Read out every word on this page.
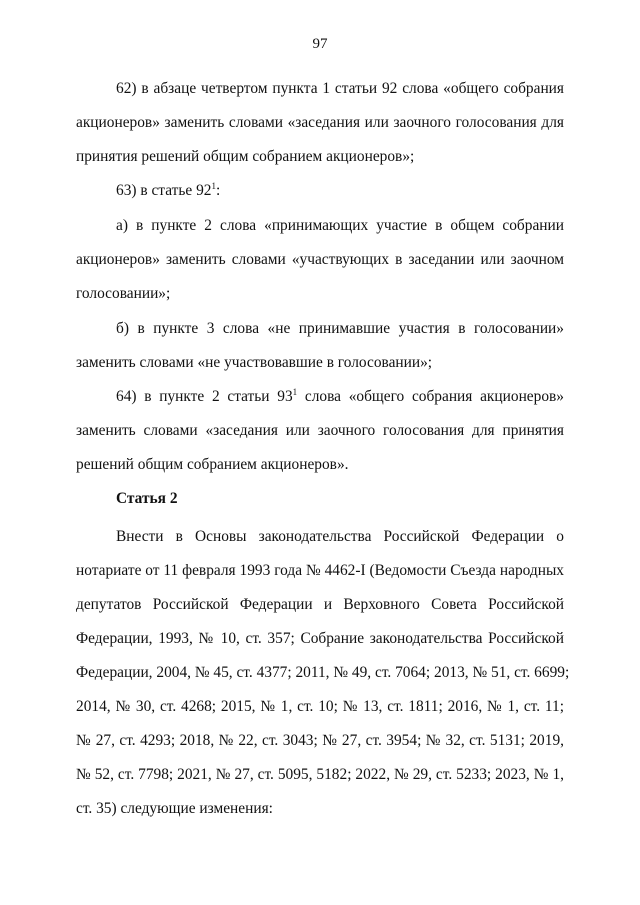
97
62) в абзаце четвертом пункта 1 статьи 92 слова «общего собрания
акционеров» заменить словами «заседания или заочного голосования для
принятия решений общим собранием акционеров»;
63) в статье $92^1$:
а) в пункте 2 слова «принимающих участие в общем собрании
акционеров» заменить словами «участвующих в заседании или заочном
голосовании»;
б) в пункте 3 слова «не принимавшие участия в голосовании»
заменить словами «не участвовавшие в голосовании»;
64) в пункте 2 статьи $93^1$ слова «общего собрания акционеров»
заменить словами «заседания или заочного голосования для принятия
решений общим собранием акционеров».
Статья 2
Внести в Основы законодательства Российской Федерации о
нотариате от 11 февраля 1993 года № 4462-I (Ведомости Съезда народных
депутатов Российской Федерации и Верховного Совета Российской
Федерации, 1993, № 10, ст. 357; Собрание законодательства Российской
Федерации, 2004, № 45, ст. 4377; 2011, № 49, ст. 7064; 2013, № 51, ст. 6699;
2014, № 30, ст. 4268; 2015, № 1, ст. 10; № 13, ст. 1811; 2016, № 1, ст. 11;
№ 27, ст. 4293; 2018, № 22, ст. 3043; № 27, ст. 3954; № 32, ст. 5131; 2019,
№ 52, ст. 7798; 2021, № 27, ст. 5095, 5182; 2022, № 29, ст. 5233; 2023, № 1,
ст. 35) следующие изменения:
